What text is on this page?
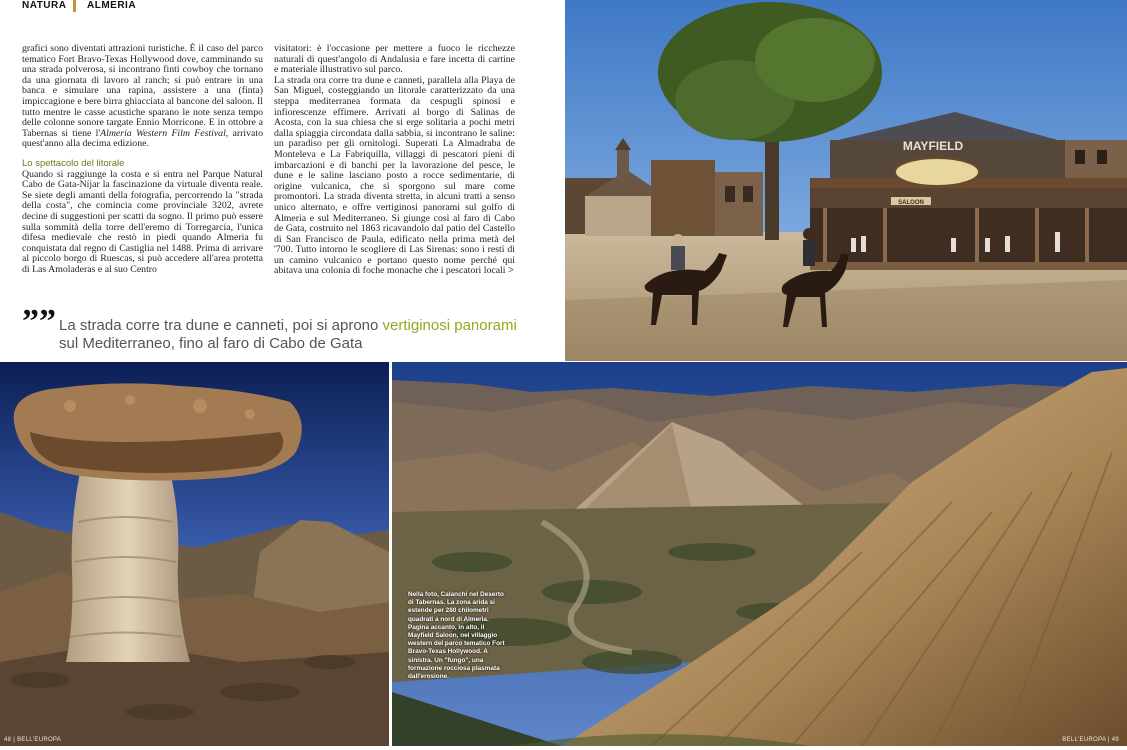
NATURA ALMERIA

grafici sono diventati attrazioni turistiche. È il caso del parco tematico Fort Bravo-Texas Hollywood dove, camminando su una strada polverosa, si incontrano finti cowboy che tornano da una giornata di lavoro al ranch; si può entrare in una banca e simulare una rapina, assistere a una (finta) impiccagione e bere birra ghiacciata al bancone del saloon. Il tutto mentre le casse acustiche sparano le note senza tempo delle colonne sonore targate Ennio Morricone. E in ottobre a Tabernas si tiene l'Almeria Western Film Festival, arrivato quest'anno alla decima edizione.

Lo spettacolo del litorale

Quando si raggiunge la costa e si entra nel Parque Natural Cabo de Gata-Níjar la fascinazione da virtuale diventa reale. Se siete degli amanti della fotografia, percorrendo la "strada della costa", che comincia come provinciale 3202, avrete decine di suggestioni per scatti da sogno. Il primo può essere sulla sommità della torre dell'eremo di Torregarcía, l'unica difesa medievale che restò in piedi quando Almeria fu conquistata dal regno di Castiglia nel 1488. Prima di arrivare al piccolo borgo di Ruescas, si può accedere all'area protetta di Las Amoladeras e al suo Centro

visitatori: è l'occasione per mettere a fuoco le ricchezze naturali di quest'angolo di Andalusia e fare incetta di cartine e materiale illustrativo sul parco.

La strada ora corre tra dune e canneti, parallela alla Playa de San Miguel, costeggiando un litorale caratterizzato da una steppa mediterranea formata da cespugli spinosi e infiorescenze effimere. Arrivati al borgo di Salinas de Acosta, con la sua chiesa che si erge solitaria a pochi metri dalla spiaggia circondata dalla sabbia, si incontrano le saline: un paradiso per gli ornitologi. Superati La Almadraba de Monteleva e La Fabriquilla, villaggi di pescatori pieni di imbarcazioni e di banchi per la lavorazione del pesce, le dune e le saline lasciano posto a rocce sedimentarie, di origine vulcanica, che si sporgono sul mare come promontori. La strada diventa stretta, in alcuni tratti a senso unico alternato, e offre vertiginosi panorami sul golfo di Almeria e sul Mediterraneo. Si giunge così al faro di Cabo de Gata, costruito nel 1863 ricavandolo dal patio del Castello di San Francisco de Paula, edificato nella prima metà del '700. Tutto intorno le scogliere di Las Sirenas: sono i resti di un camino vulcanico e portano questo nome perché qui abitava una colonia di foche monache che i pescatori locali >

”” La strada corre tra dune e canneti, poi si aprono vertiginosi panorami sul Mediterraneo, fino al faro di Cabo de Gata
MAYFIELD
SALOON
Nella foto, Calanchi nel Deserto di Tabernas. La zona arida si estende per 280 chilometri quadrati a nord di Almeria. Pagina accanto, in alto, il Mayfield Saloon, nel villaggio western del parco tematico Fort Bravo-Texas Hollywood. A sinistra. Un "fungo", una formazione rocciosa plasmata dall'erosione.
48 | BELL'EUROPA	BELL'EUROPA | 49
